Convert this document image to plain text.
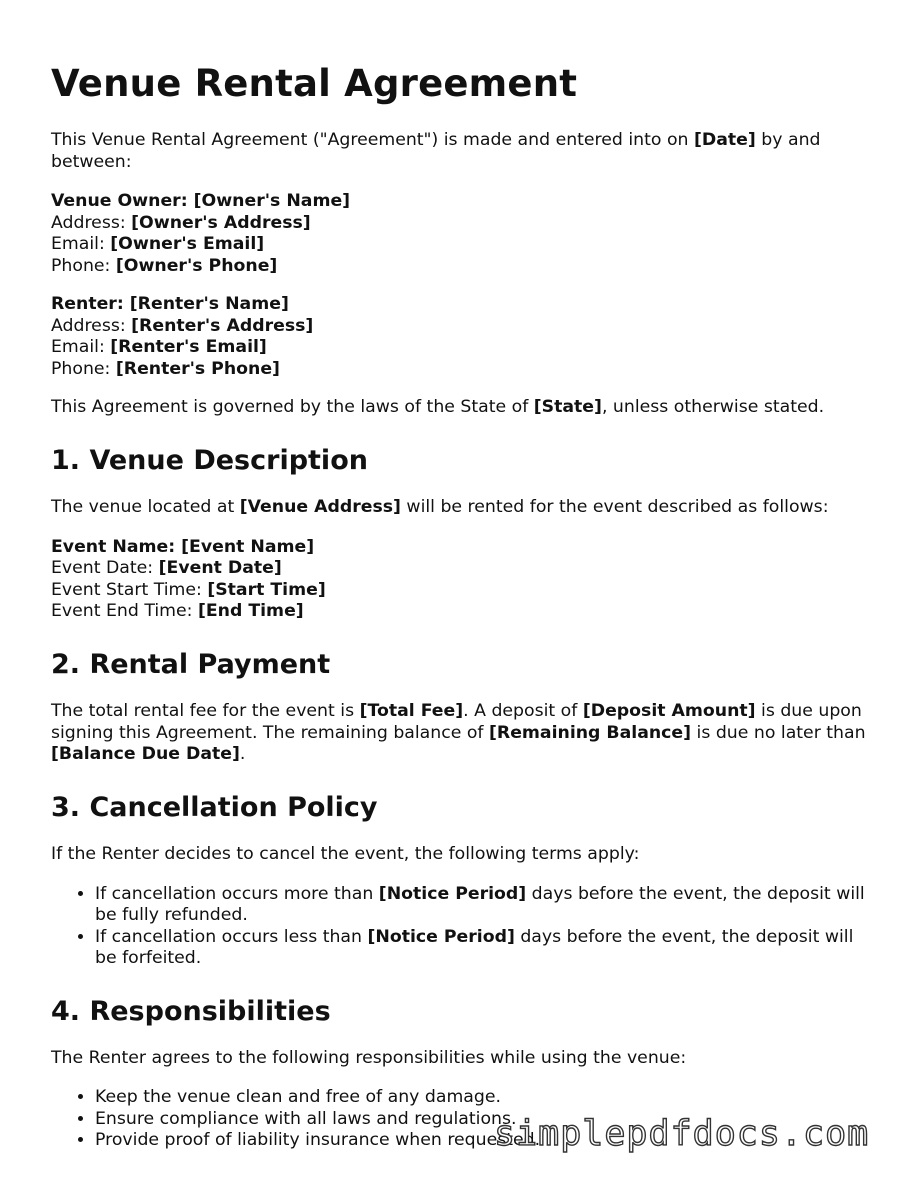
Venue Rental Agreement

This Venue Rental Agreement ("Agreement") is made and entered into on [Date] by and between:

Venue Owner: [Owner's Name]
Address: [Owner's Address]
Email: [Owner's Email]
Phone: [Owner's Phone]
Renter: [Renter's Name]
Address: [Renter's Address]
Email: [Renter's Email]
Phone: [Renter's Phone]

This Agreement is governed by the laws of the State of [State], unless otherwise stated.

1. Venue Description

The venue located at [Venue Address] will be rented for the event described as follows:

Event Name: [Event Name]
Event Date: [Event Date]
Event Start Time: [Start Time]
Event End Time: [End Time]
2. Rental Payment

The total rental fee for the event is [Total Fee]. A deposit of [Deposit Amount] is due upon signing this Agreement. The remaining balance of [Remaining Balance] is due no later than [Balance Due Date].

3. Cancellation Policy

If the Renter decides to cancel the event, the following terms apply:

• If cancellation occurs more than [Notice Period] days before the event, the deposit will be fully refunded.
• If cancellation occurs less than [Notice Period] days before the event, the deposit will be forfeited.
4. Responsibilities

The Renter agrees to the following responsibilities while using the venue:

• Keep the venue clean and free of any damage.
• Ensure compliance with all laws and regulations.
• Provide proof of liability insurance when requested.
simplepdfdocs.com
